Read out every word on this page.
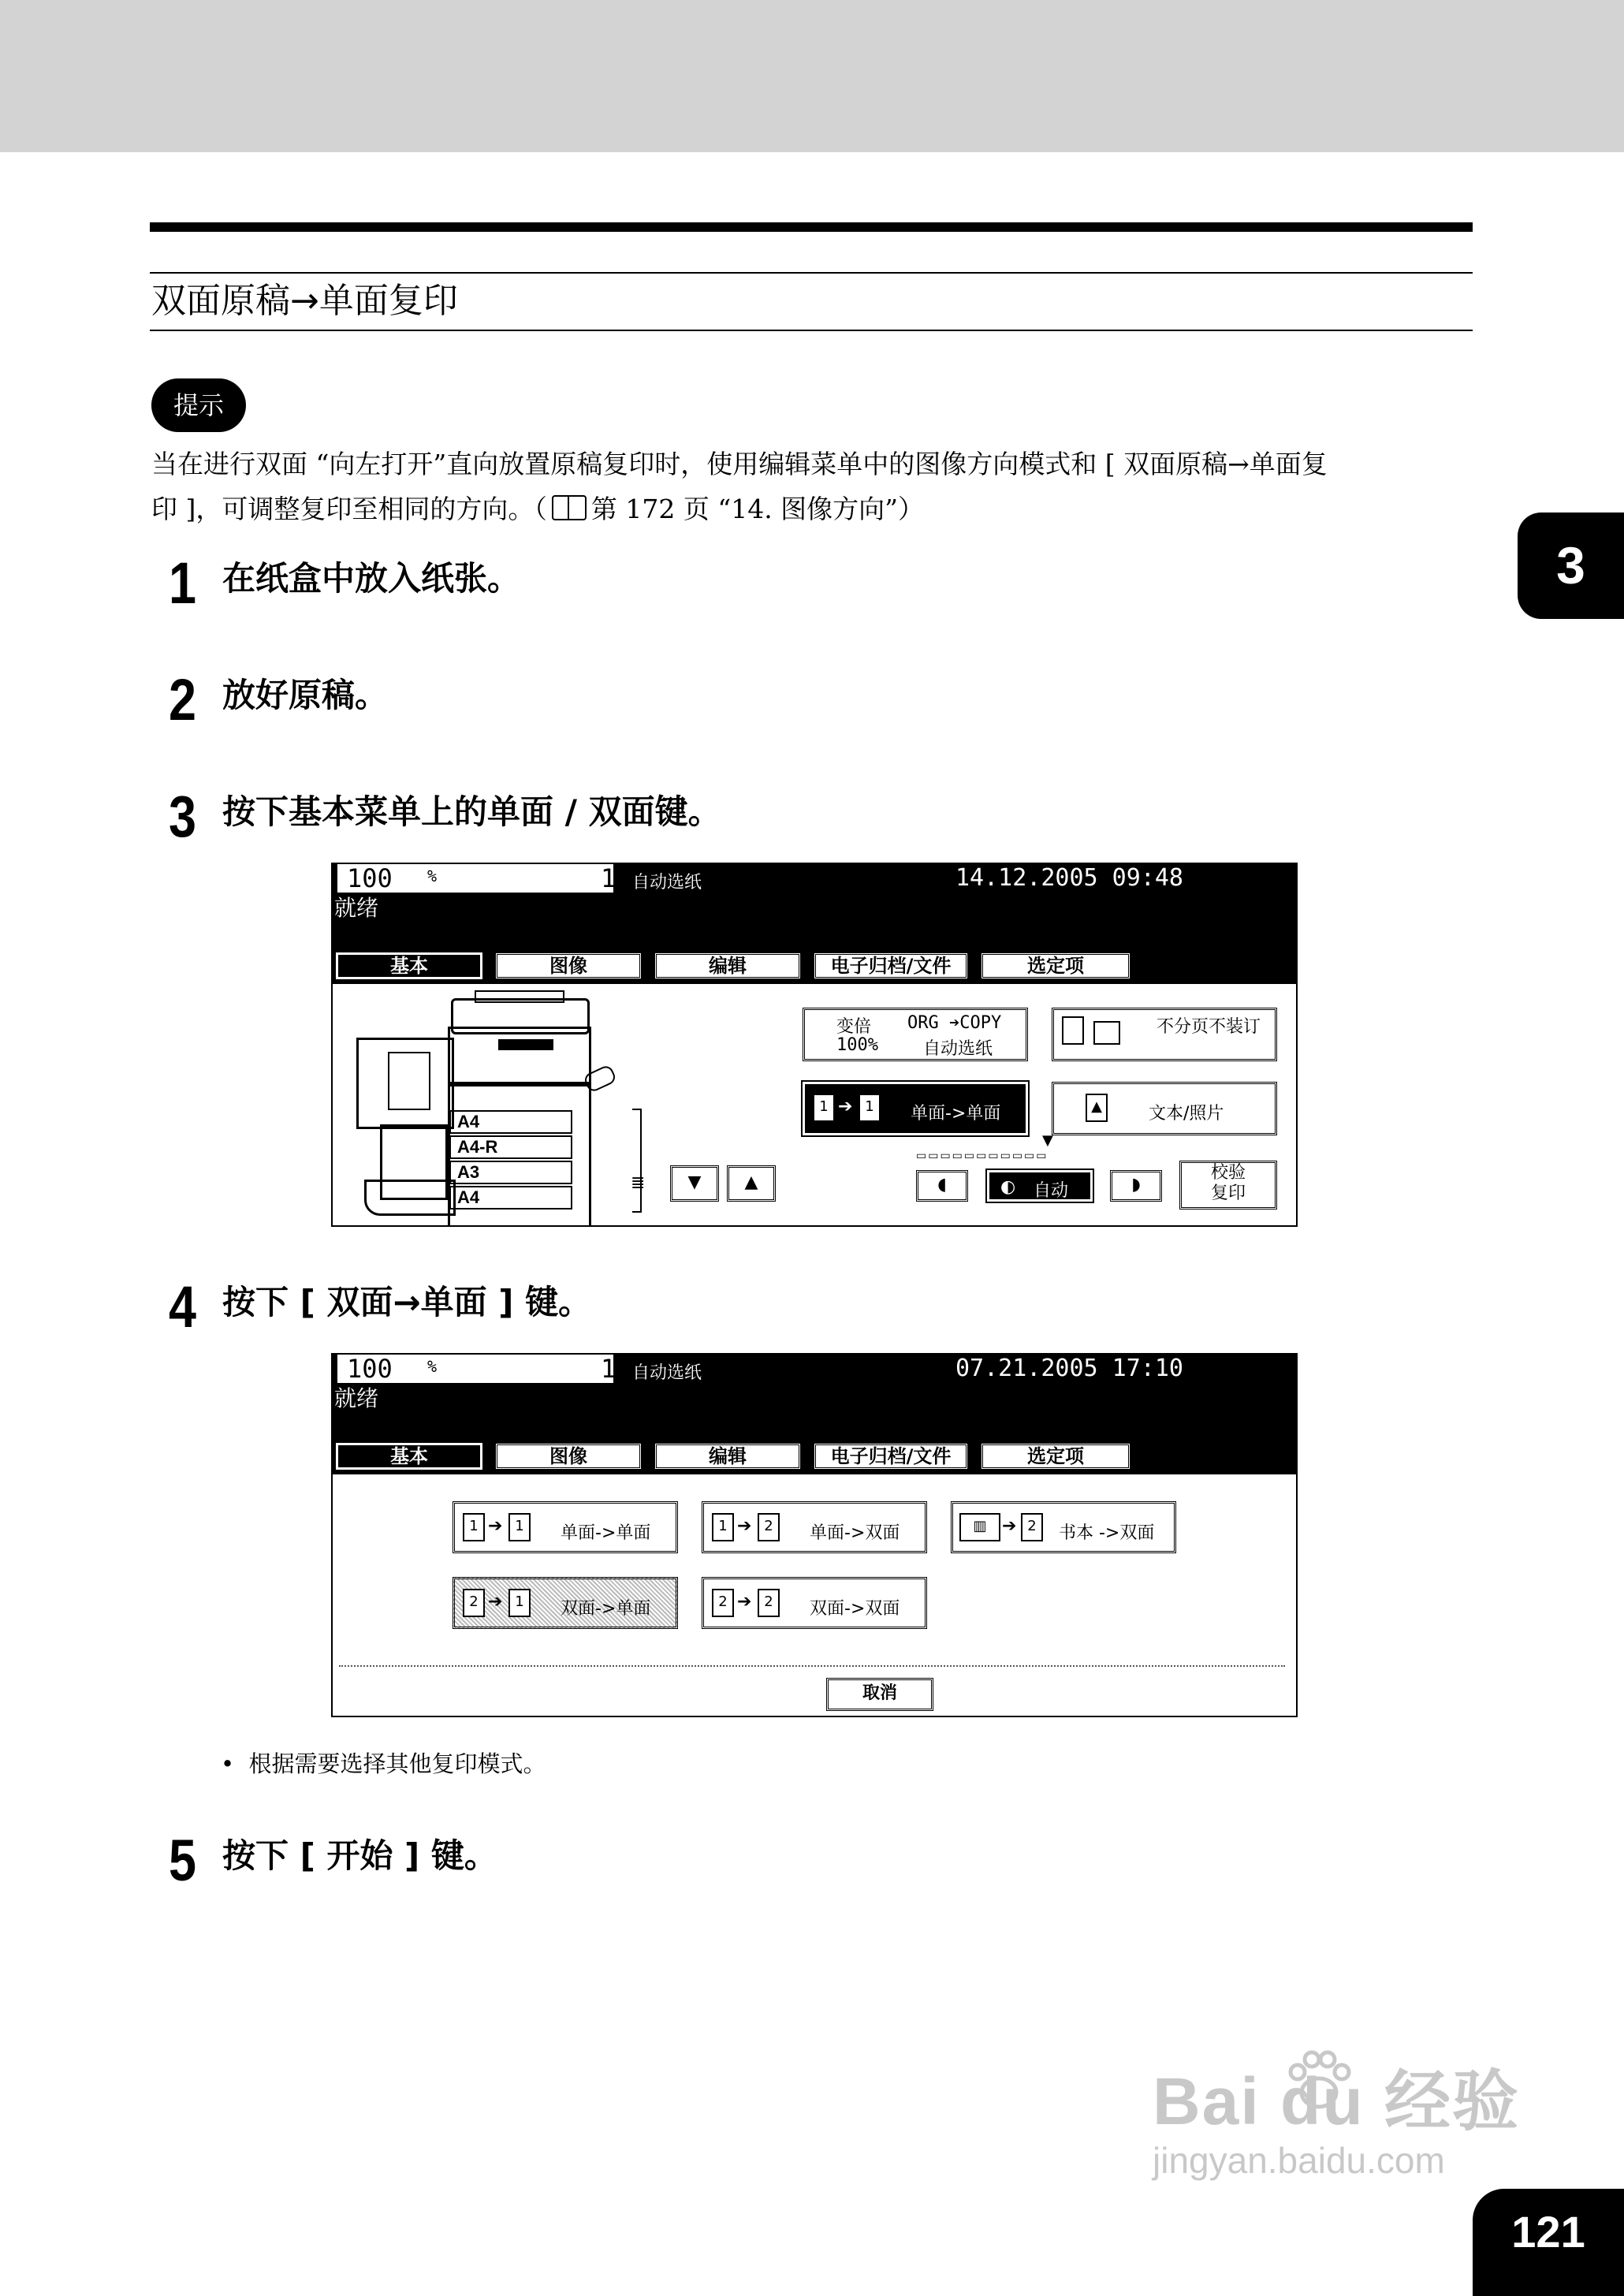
双面原稿→单面复印
提示

当在进行双面 “向左打开”直向放置原稿复印时，使用编辑菜单中的图像方向模式和 [ 双面原稿→单面复

印 ]，可调整复印至相同的方向。（ 第 172 页 “14. 图像方向”）

3
1 在纸盒中放入纸张。
2 放好原稿。
3 按下基本菜单上的单面 / 双面键。
100 %	1 自动选纸	14.12.2005 09:48
就绪
基本	图像	编辑	电子归档/文件	选定项
A4
A4-R
A3
A4
≣	▼	▲
变倍
100%
ORG ➔COPY
自动选纸
不分页不装订
1 ➔ 1	单面->单面	▲	文本/照片
▼
▭▭▭▭▭▭▭▭▭▭▭
◖	◐ 自动	◗
校验
复印
4 按下 [ 双面→单面 ] 键。
100 %	1 自动选纸	07.21.2005 17:10
就绪
基本	图像	编辑	电子归档/文件	选定项
1 ➔ 1	单面->单面	1 ➔ 2	单面->双面	▥ ➔ 2	书本 ->双面
2 ➔ 1	双面->单面	2 ➔ 2	双面->双面
取消
•  根据需要选择其他复印模式。
5 按下 [ 开始 ] 键。
Bai du 经验
jingyan.baidu.com
121
